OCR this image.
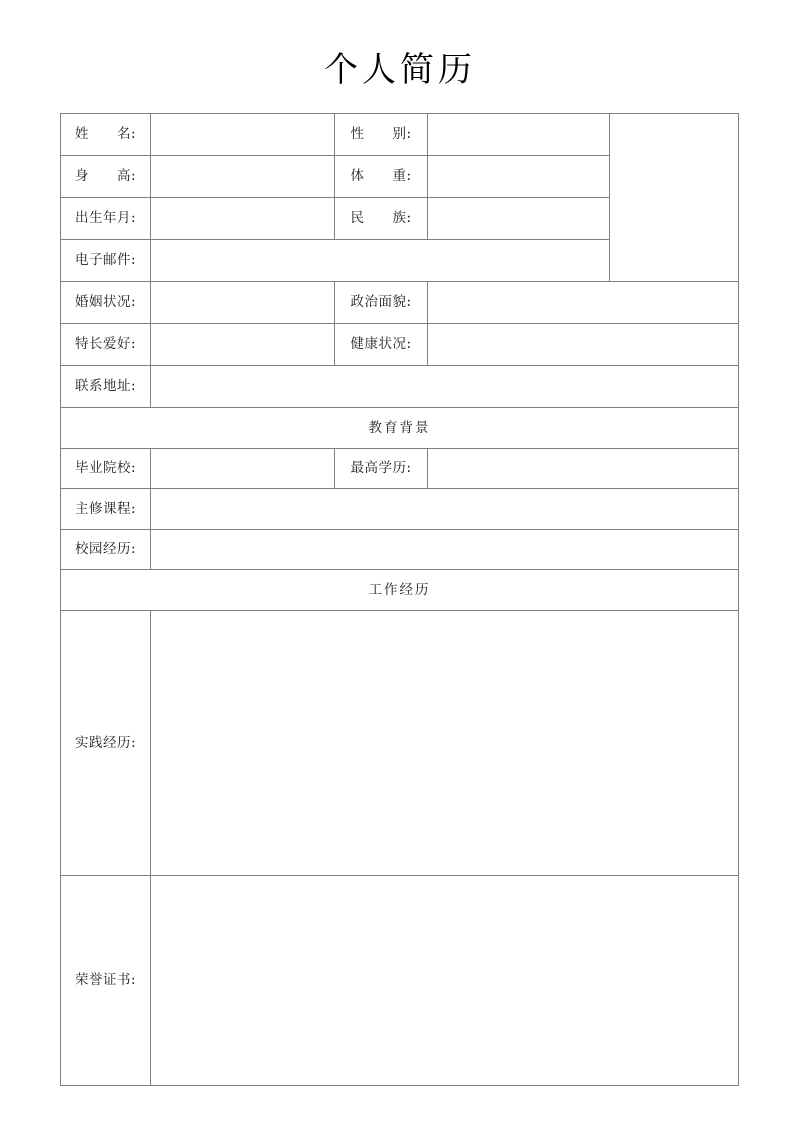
个人简历
姓　　名:		性　　别:		
身　　高:		体　　重:		
出生年月:		民　　族:		
电子邮件:				
婚姻状况:		政治面貌:		
特长爱好:		健康状况:		
联系地址:				
教育背景				
毕业院校:		最高学历:		
主修课程:				
校园经历:				
工作经历				
实践经历:				
荣誉证书:				
